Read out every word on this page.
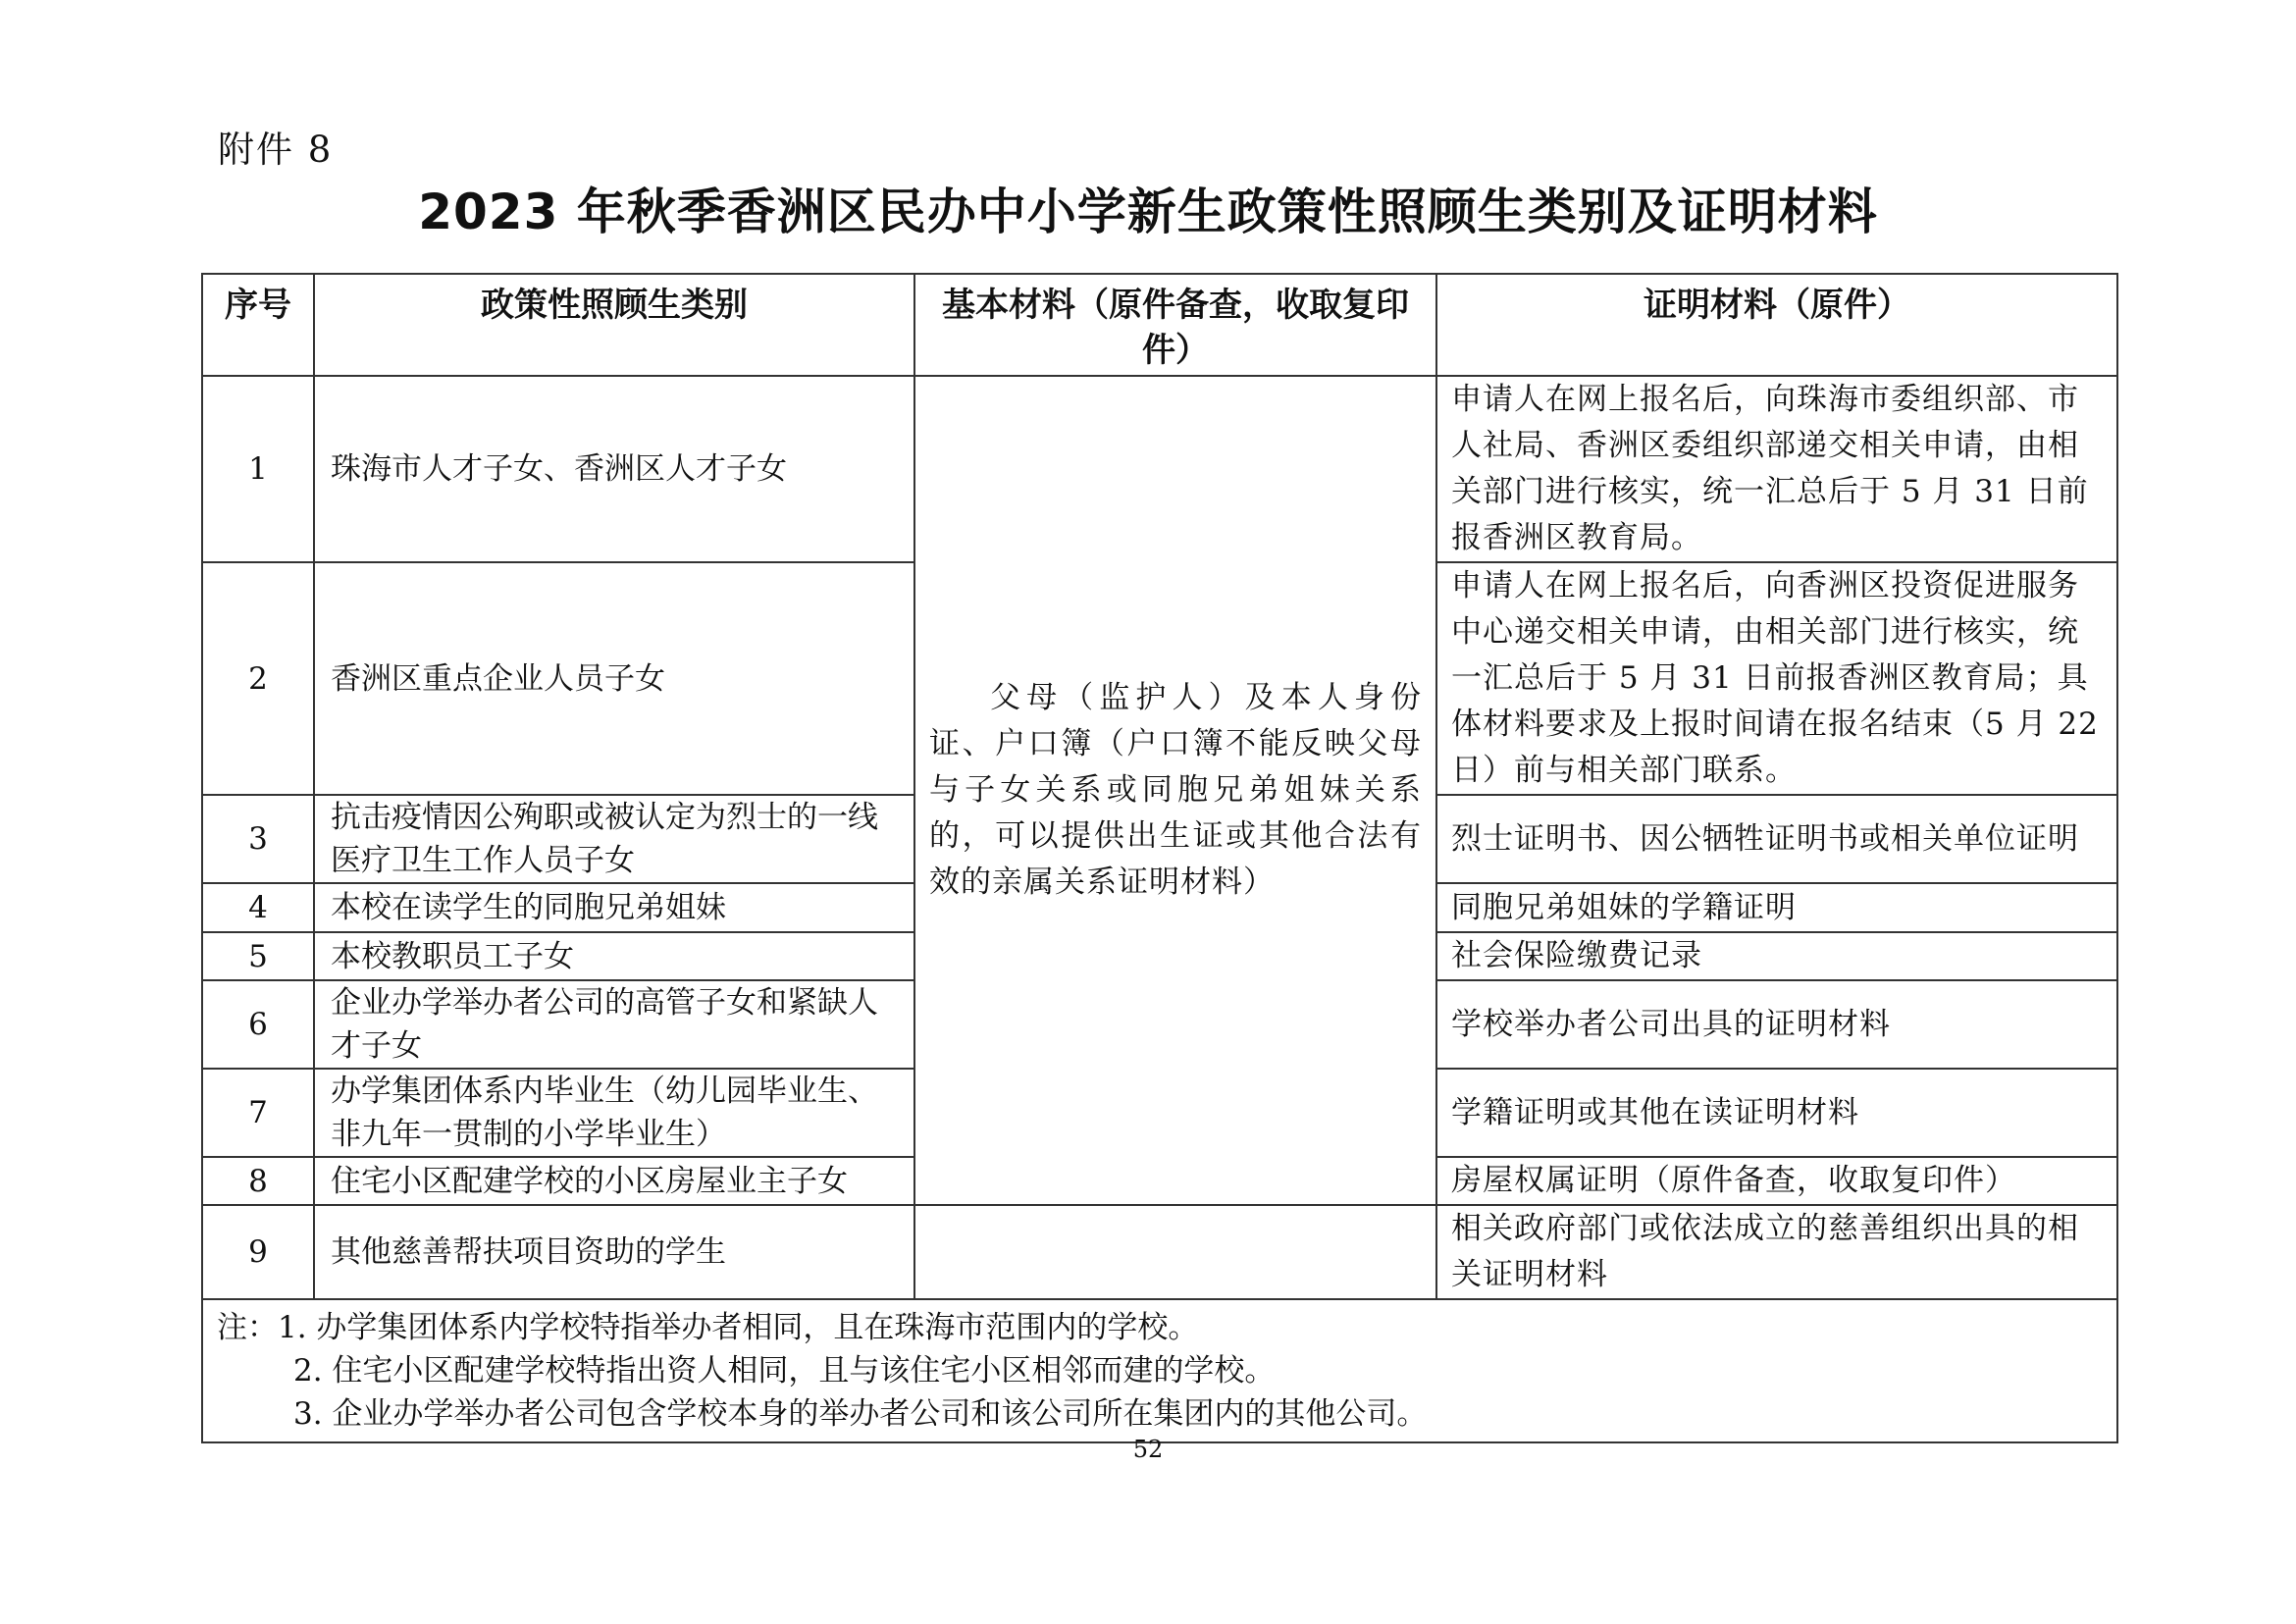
附件 8
2023 年秋季香洲区民办中小学新生政策性照顾生类别及证明材料
序号	政策性照顾生类别	基本材料（原件备查，收取复印件）	证明材料（原件）
1	珠海市人才子女、香洲区人才子女	父母（监护人）及本人身份证、户口簿（户口簿不能反映父母与子女关系或同胞兄弟姐妹关系的，可以提供出生证或其他合法有效的亲属关系证明材料）	申请人在网上报名后，向珠海市委组织部、市人社局、香洲区委组织部递交相关申请，由相关部门进行核实，统一汇总后于 5 月 31 日前报香洲区教育局。
2	香洲区重点企业人员子女		申请人在网上报名后，向香洲区投资促进服务中心递交相关申请，由相关部门进行核实，统一汇总后于 5 月 31 日前报香洲区教育局；具体材料要求及上报时间请在报名结束（5 月 22 日）前与相关部门联系。
3	抗击疫情因公殉职或被认定为烈士的一线医疗卫生工作人员子女		烈士证明书、因公牺牲证明书或相关单位证明
4	本校在读学生的同胞兄弟姐妹		同胞兄弟姐妹的学籍证明
5	本校教职员工子女		社会保险缴费记录
6	企业办学举办者公司的高管子女和紧缺人才子女		学校举办者公司出具的证明材料
7	办学集团体系内毕业生（幼儿园毕业生、非九年一贯制的小学毕业生）		学籍证明或其他在读证明材料
8	住宅小区配建学校的小区房屋业主子女		房屋权属证明（原件备查，收取复印件）
9	其他慈善帮扶项目资助的学生		相关政府部门或依法成立的慈善组织出具的相关证明材料

注：1. 办学集团体系内学校特指举办者相同，且在珠海市范围内的学校。
2. 住宅小区配建学校特指出资人相同，且与该住宅小区相邻而建的学校。
3. 企业办学举办者公司包含学校本身的举办者公司和该公司所在集团内的其他公司。			
52
